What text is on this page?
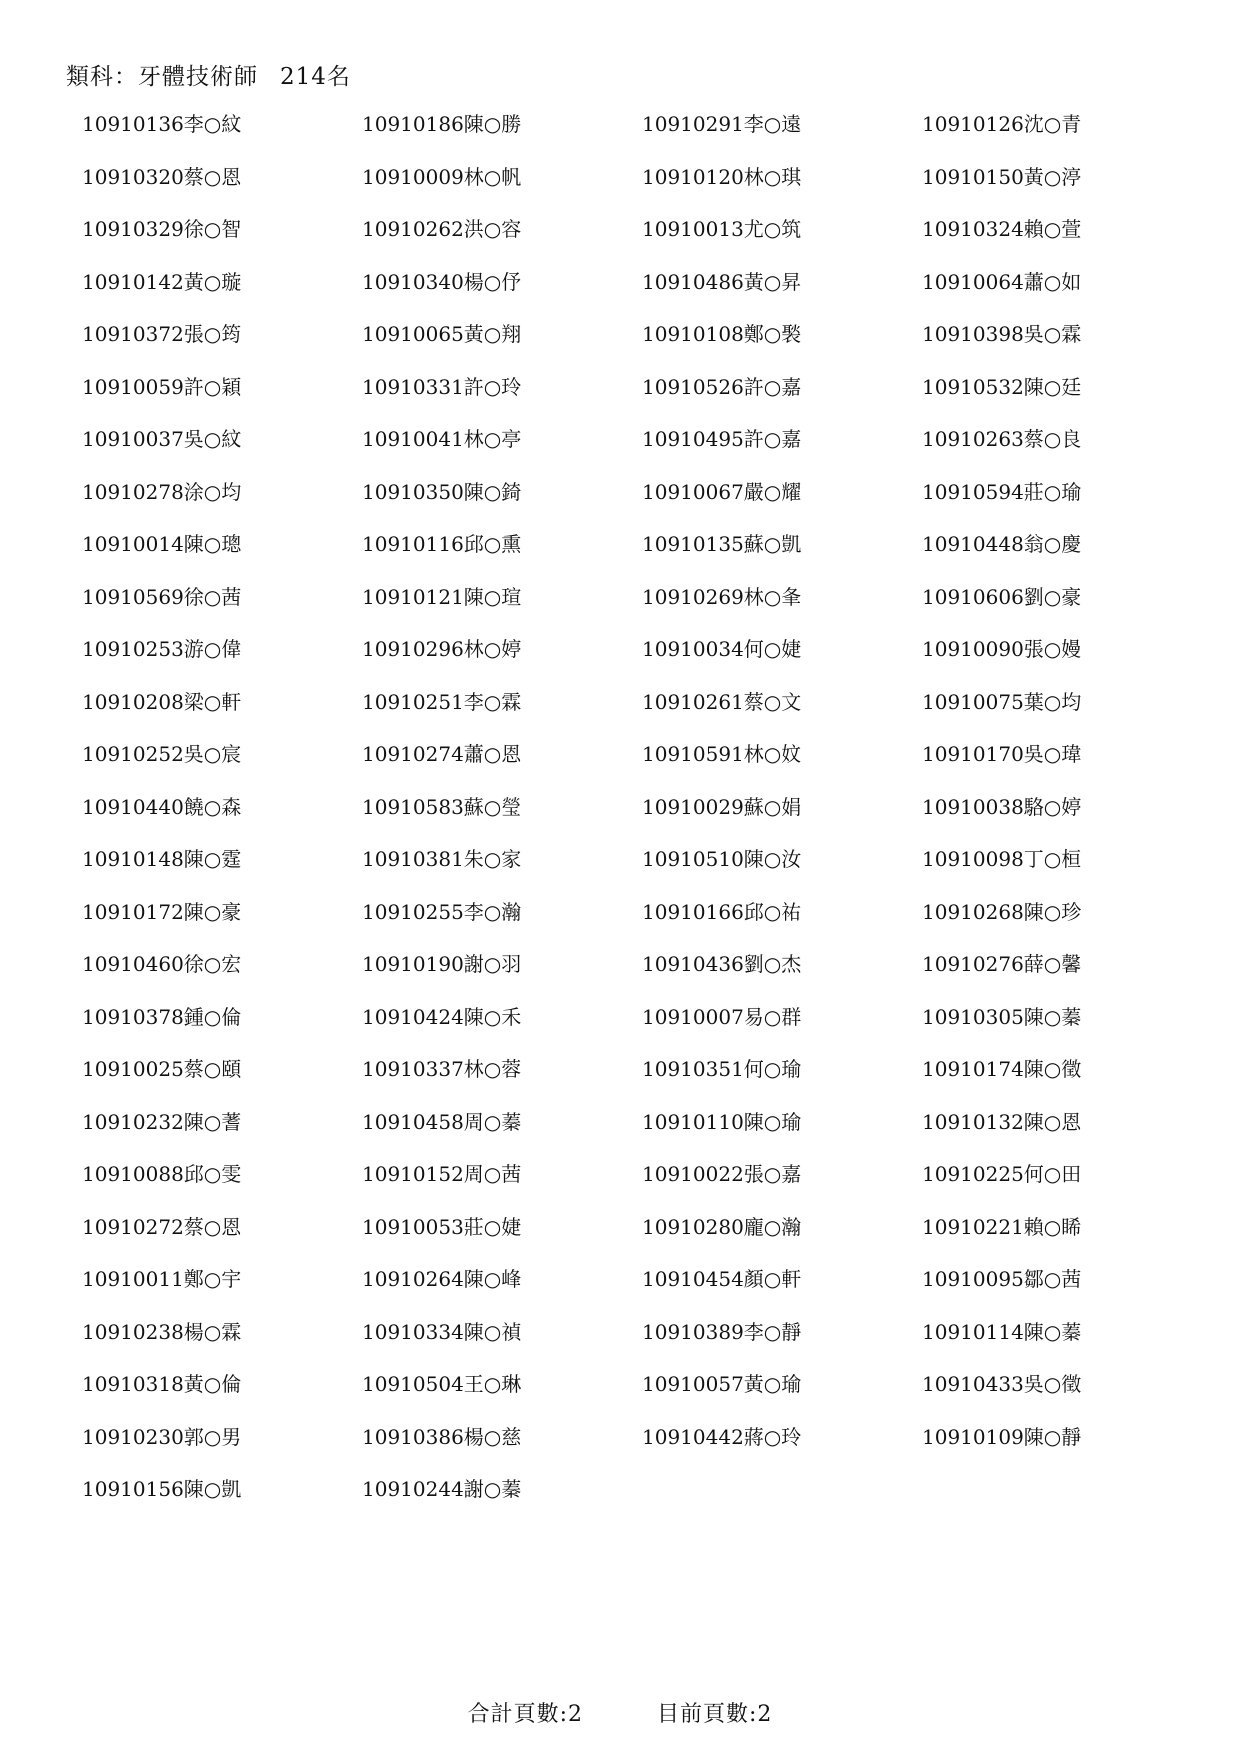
類科：牙體技術師 214名
10910136李○紋	10910186陳○勝	10910291李○遠	10910126沈○青
10910320蔡○恩	10910009林○帆	10910120林○琪	10910150黃○渟
10910329徐○智	10910262洪○容	10910013尤○筑	10910324賴○萱
10910142黃○璇	10910340楊○伃	10910486黃○昇	10910064蕭○如
10910372張○筠	10910065黃○翔	10910108鄭○褧	10910398吳○霖
10910059許○穎	10910331許○玲	10910526許○嘉	10910532陳○廷
10910037吳○紋	10910041林○亭	10910495許○嘉	10910263蔡○良
10910278涂○均	10910350陳○錡	10910067嚴○耀	10910594莊○瑜
10910014陳○璁	10910116邱○熏	10910135蘇○凱	10910448翁○慶
10910569徐○茜	10910121陳○瑄	10910269林○夆	10910606劉○豪
10910253游○偉	10910296林○婷	10910034何○婕	10910090張○嫚
10910208梁○軒	10910251李○霖	10910261蔡○文	10910075葉○均
10910252吳○宸	10910274蕭○恩	10910591林○妏	10910170吳○瑋
10910440饒○森	10910583蘇○瑩	10910029蘇○娟	10910038駱○婷
10910148陳○霆	10910381朱○家	10910510陳○汝	10910098丁○桓
10910172陳○豪	10910255李○瀚	10910166邱○祐	10910268陳○珍
10910460徐○宏	10910190謝○羽	10910436劉○杰	10910276薛○馨
10910378鍾○倫	10910424陳○禾	10910007易○群	10910305陳○蓁
10910025蔡○頤	10910337林○蓉	10910351何○瑜	10910174陳○徵
10910232陳○蓍	10910458周○蓁	10910110陳○瑜	10910132陳○恩
10910088邱○雯	10910152周○茜	10910022張○嘉	10910225何○田
10910272蔡○恩	10910053莊○婕	10910280龐○瀚	10910221賴○睎
10910011鄭○宇	10910264陳○峰	10910454顏○軒	10910095鄒○茜
10910238楊○霖	10910334陳○禎	10910389李○靜	10910114陳○蓁
10910318黃○倫	10910504王○琳	10910057黃○瑜	10910433吳○徵
10910230郭○男	10910386楊○慈	10910442蔣○玲	10910109陳○靜
10910156陳○凱	10910244謝○蓁
合計頁數:2	目前頁數:2
